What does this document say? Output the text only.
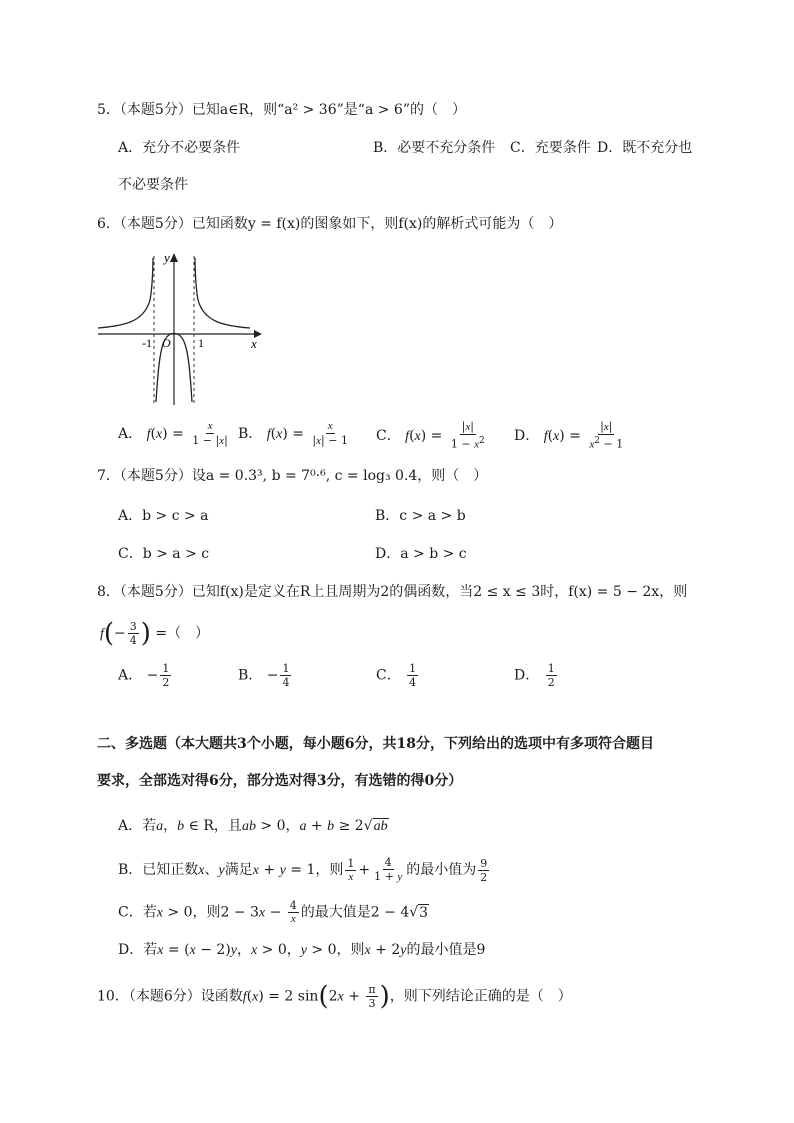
5．（本题5分）已知a∈R，则“a² > 36”是“a > 6”的（　）
A．充分不必要条件	B．必要不充分条件 C．充要条件 D．既不充分也
不必要条件
6．（本题5分）已知函数y = f(x)的图象如下，则f(x)的解析式可能为（　）
y
x
O
-1	1
A． $f(x) = \frac{x}{1 - |x|}$ B． $f(x) = \frac{x}{|x| - 1}$ C． $f(x) = \frac{|x|}{1 - x^2}$ D． $f(x) = \frac{|x|}{x^2 - 1}$
7．（本题5分）设a = 0.3³, b = 7⁰·⁶, c = log₃ 0.4，则（　）
A．b > c > a	B．c > a > b
C．b > a > c	D．a > b > c
8．（本题5分）已知f(x)是定义在R上且周期为2的偶函数，当2 ≤ x ≤ 3时，f(x) = 5 − 2x，则
$f(- \frac{3}{4}$ ) =（　）
A． − $\frac{1}{2}$	B． − $\frac{1}{4}$	C． $\frac{1}{4}$	D． $\frac{1}{2}$
二、多选题（本大题共3个小题，每小题6分，共18分，下列给出的选项中有多项符合题目
要求，全部选对得6分，部分选对得3分，有选错的得0分）
A．若a，b ∈ R，且ab > 0，a + b ≥ 2√ab
B．已知正数x、y满足x + y = 1，则 $\frac{1}{x} + \frac{4}{1 + y}$ 的最小值为 $\frac{9}{2}$
C．若x > 0，则$2 - 3x - \frac{4}{x}$ 的最大值是2 − 4√3
D．若x = (x − 2)y，x > 0，y > 0，则x + 2y的最小值是9
10．（本题6分）设函数f(x) = 2 $\sin(2x + \frac{\pi}{3}$ )，则下列结论正确的是（　）
